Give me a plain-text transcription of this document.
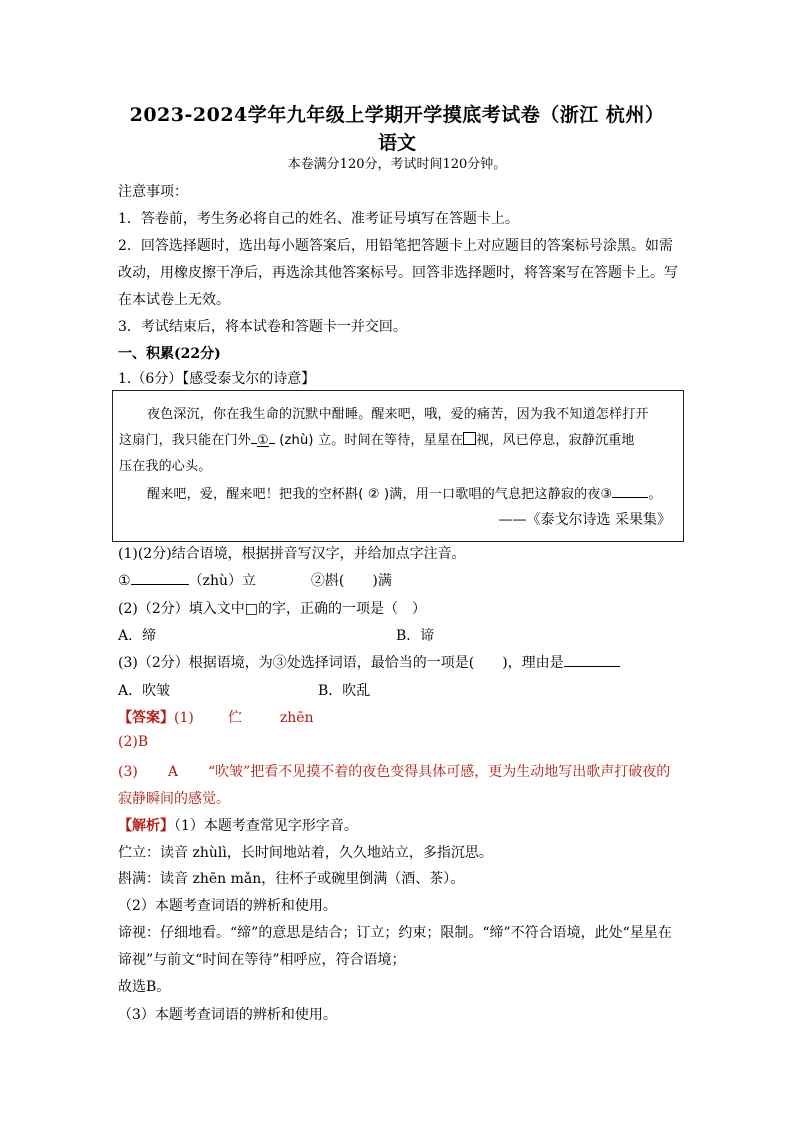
2023-2024学年九年级上学期开学摸底考试卷（浙江 杭州）
语文
本卷满分120分，考试时间120分钟。
注意事项：
1．答卷前，考生务必将自己的姓名、准考证号填写在答题卡上。
2．回答选择题时，选出每小题答案后，用铅笔把答题卡上对应题目的答案标号涂黑。如需
改动，用橡皮擦干净后，再选涂其他答案标号。回答非选择题时，将答案写在答题卡上。写
在本试卷上无效。
3．考试结束后，将本试卷和答题卡一并交回。
一、积累(22分)
1.（6分）【感受泰戈尔的诗意】
夜色深沉，你在我生命的沉默中酣睡。醒来吧，哦，爱的痛苦，因为我不知道怎样打开
这扇门，我只能在门外 ① (zhù) 立。时间在等待，星星在 视，风已停息，寂静沉重地
压在我的心头。
醒来吧，爱，醒来吧！把我的空杯斟( ② )满，用一口歌唱的气息把这静寂的夜③	。
——《泰戈尔诗选 采果集》
(1)(2分)结合语境，根据拼音写汉字，并给加点字注音。
①	（zhù）立	②斟( )满
(2)（2分）填入文中□的字，正确的一项是（　）
A．缔	B．谛
(3)（2分）根据语境，为③处选择词语，最恰当的一项是(　　)，理由是
A．吹皱	B．吹乱
【答案】(1) 伫	zhēn
(2)B
(3) A “吹皱”把看不见摸不着的夜色变得具体可感，更为生动地写出歌声打破夜的
寂静瞬间的感觉。
【解析】（1）本题考查常见字形字音。
伫立：读音 zhùlì，长时间地站着，久久地站立，多指沉思。
斟满：读音 zhēn mǎn，往杯子或碗里倒满（酒、茶）。
（2）本题考查词语的辨析和使用。
谛视：仔细地看。“缔”的意思是结合；订立；约束；限制。“缔”不符合语境，此处“星星在
谛视”与前文“时间在等待”相呼应，符合语境；
故选B。
（3）本题考查词语的辨析和使用。
